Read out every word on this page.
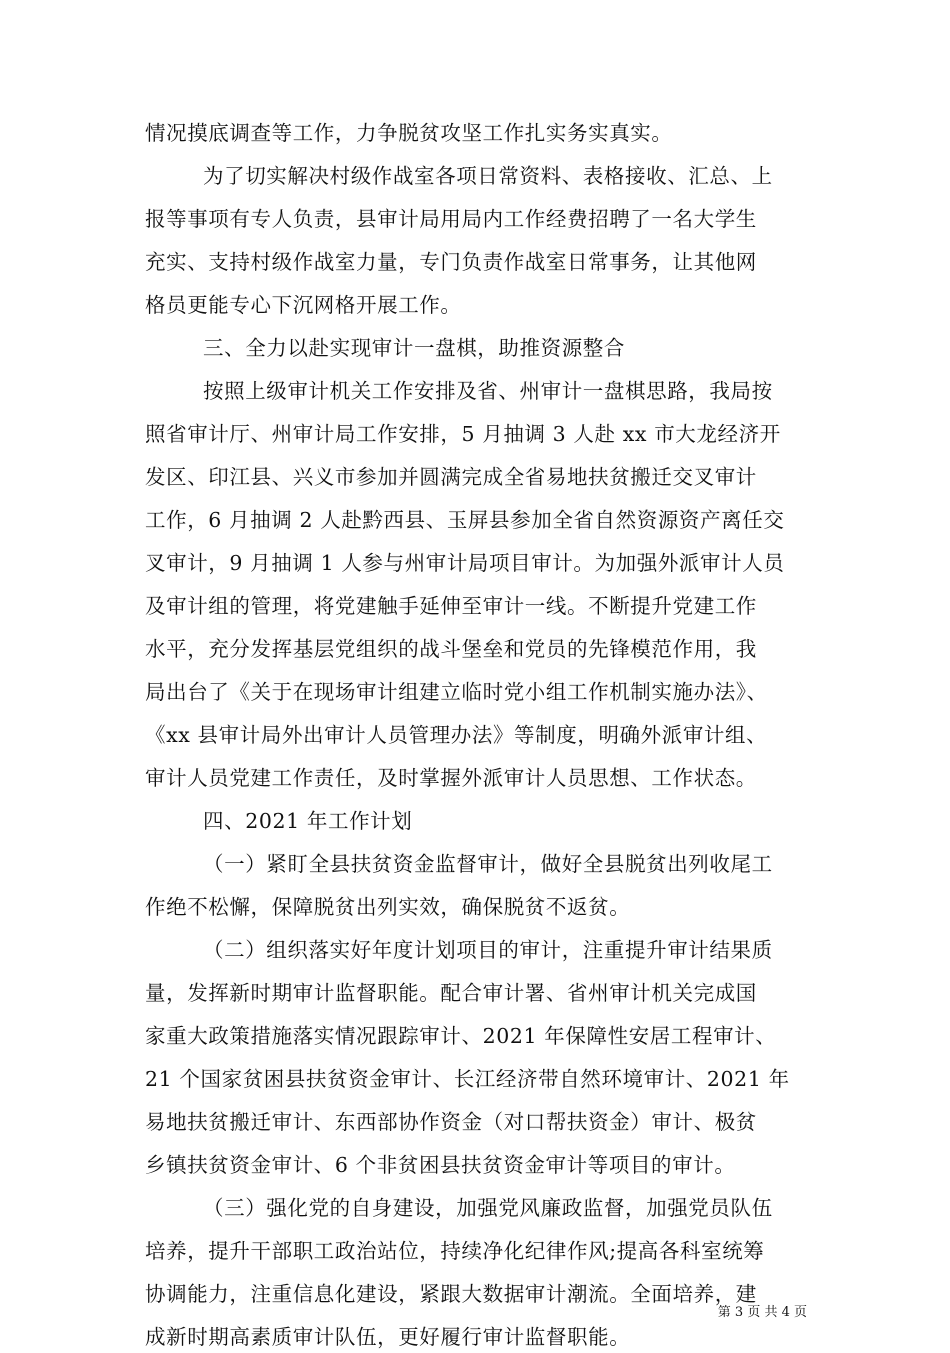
情况摸底调查等工作，力争脱贫攻坚工作扎实务实真实。
为了切实解决村级作战室各项日常资料、表格接收、汇总、上
报等事项有专人负责，县审计局用局内工作经费招聘了一名大学生
充实、支持村级作战室力量，专门负责作战室日常事务，让其他网
格员更能专心下沉网格开展工作。
三、全力以赴实现审计一盘棋，助推资源整合
按照上级审计机关工作安排及省、州审计一盘棋思路，我局按
照省审计厅、州审计局工作安排，5 月抽调 3 人赴 xx 市大龙经济开
发区、印江县、兴义市参加并圆满完成全省易地扶贫搬迁交叉审计
工作，6 月抽调 2 人赴黔西县、玉屏县参加全省自然资源资产离任交
叉审计，9 月抽调 1 人参与州审计局项目审计。为加强外派审计人员
及审计组的管理，将党建触手延伸至审计一线。不断提升党建工作
水平，充分发挥基层党组织的战斗堡垒和党员的先锋模范作用，我
局出台了《关于在现场审计组建立临时党小组工作机制实施办法》、
《xx 县审计局外出审计人员管理办法》等制度，明确外派审计组、
审计人员党建工作责任，及时掌握外派审计人员思想、工作状态。
四、2021 年工作计划
（一）紧盯全县扶贫资金监督审计，做好全县脱贫出列收尾工
作绝不松懈，保障脱贫出列实效，确保脱贫不返贫。
（二）组织落实好年度计划项目的审计，注重提升审计结果质
量，发挥新时期审计监督职能。配合审计署、省州审计机关完成国
家重大政策措施落实情况跟踪审计、2021 年保障性安居工程审计、
21 个国家贫困县扶贫资金审计、长江经济带自然环境审计、2021 年
易地扶贫搬迁审计、东西部协作资金（对口帮扶资金）审计、极贫
乡镇扶贫资金审计、6 个非贫困县扶贫资金审计等项目的审计。
（三）强化党的自身建设，加强党风廉政监督，加强党员队伍
培养，提升干部职工政治站位，持续净化纪律作风;提高各科室统筹
协调能力，注重信息化建设，紧跟大数据审计潮流。全面培养，建
成新时期高素质审计队伍，更好履行审计监督职能。
第 3 页 共 4 页
